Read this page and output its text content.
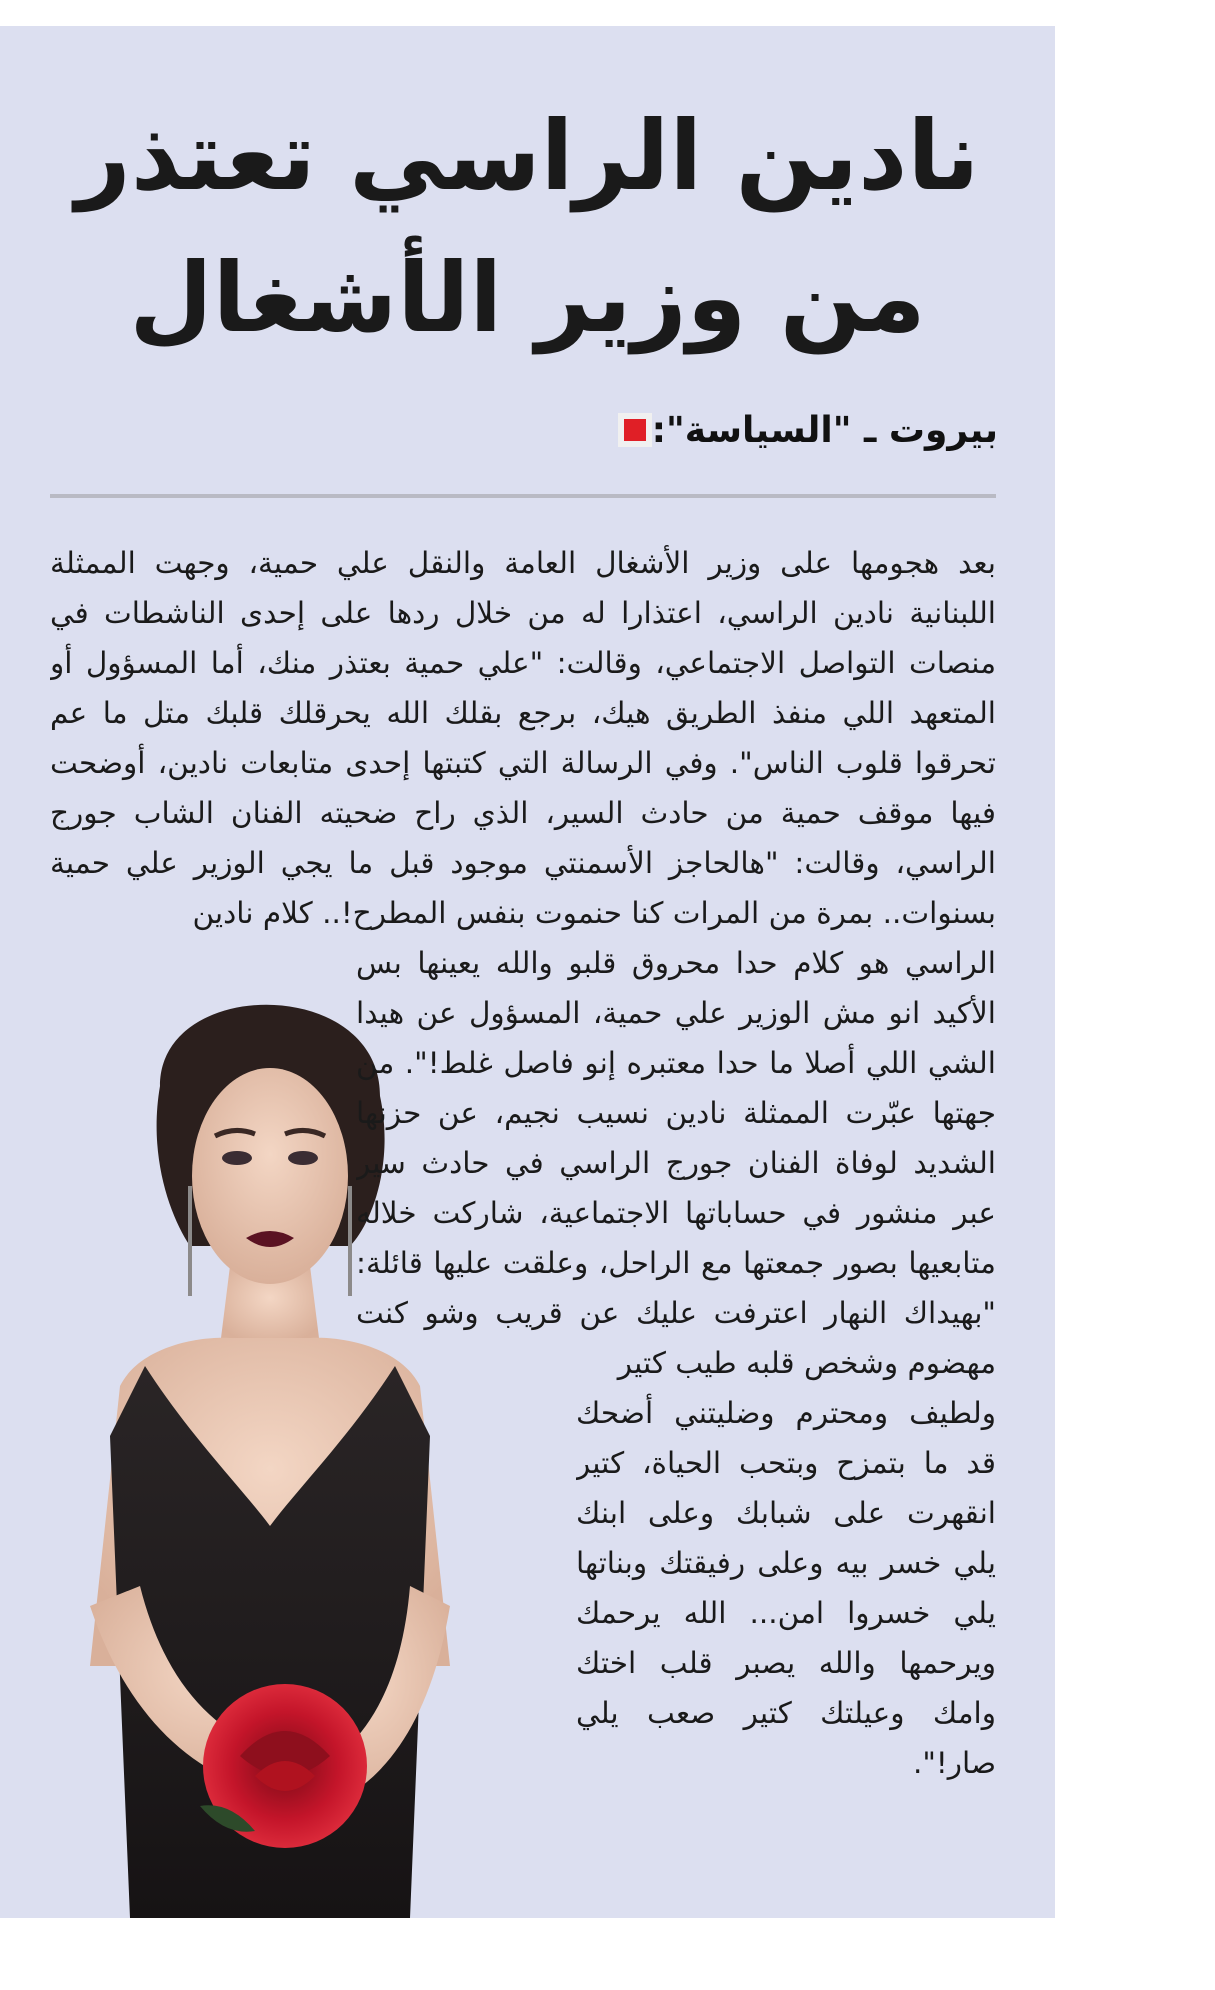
نادين الراسي تعتذر
من وزير الأشغال
بيروت ـ "السياسة":

بعد هجومها على وزير الأشغال العامة والنقل علي حمية، وجهت الممثلة اللبنانية نادين الراسي، اعتذارا له من خلال ردها على إحدى الناشطات في منصات التواصل الاجتماعي، وقالت: "علي حمية بعتذر منك، أما المسؤول أو المتعهد اللي منفذ الطريق هيك، برجع بقلك الله يحرقلك قلبك متل ما عم تحرقوا قلوب الناس". وفي الرسالة التي كتبتها إحدى متابعات نادين، أوضحت فيها موقف حمية من حادث السير، الذي راح ضحيته الفنان الشاب جورج الراسي، وقالت: "هالحاجز الأسمنتي موجود قبل ما يجي الوزير علي حمية بسنوات.. بمرة من المرات كنا حنموت بنفس المطرح!.. كلام نادين

الراسي هو كلام حدا محروق قلبو والله يعينها بس الأكيد انو مش الوزير علي حمية، المسؤول عن هيدا الشي اللي أصلا ما حدا معتبره إنو فاصل غلط!". من جهتها عبّرت الممثلة نادين نسيب نجيم، عن حزنها الشديد لوفاة الفنان جورج الراسي في حادث سير عبر منشور في حساباتها الاجتماعية، شاركت خلاله متابعيها بصور جمعتها مع الراحل، وعلقت عليها قائلة: "بهيداك النهار اعترفت عليك عن قريب وشو كنت مهضوم وشخص قلبه طيب كتير

ولطيف ومحترم وضليتني أضحك قد ما بتمزح وبتحب الحياة، كتير انقهرت على شبابك وعلى ابنك يلي خسر بيه وعلى رفيقتك وبناتها يلي خسروا امن... الله يرحمك ويرحمها والله يصبر قلب اختك وامك وعيلتك كتير صعب يلي صار!".
